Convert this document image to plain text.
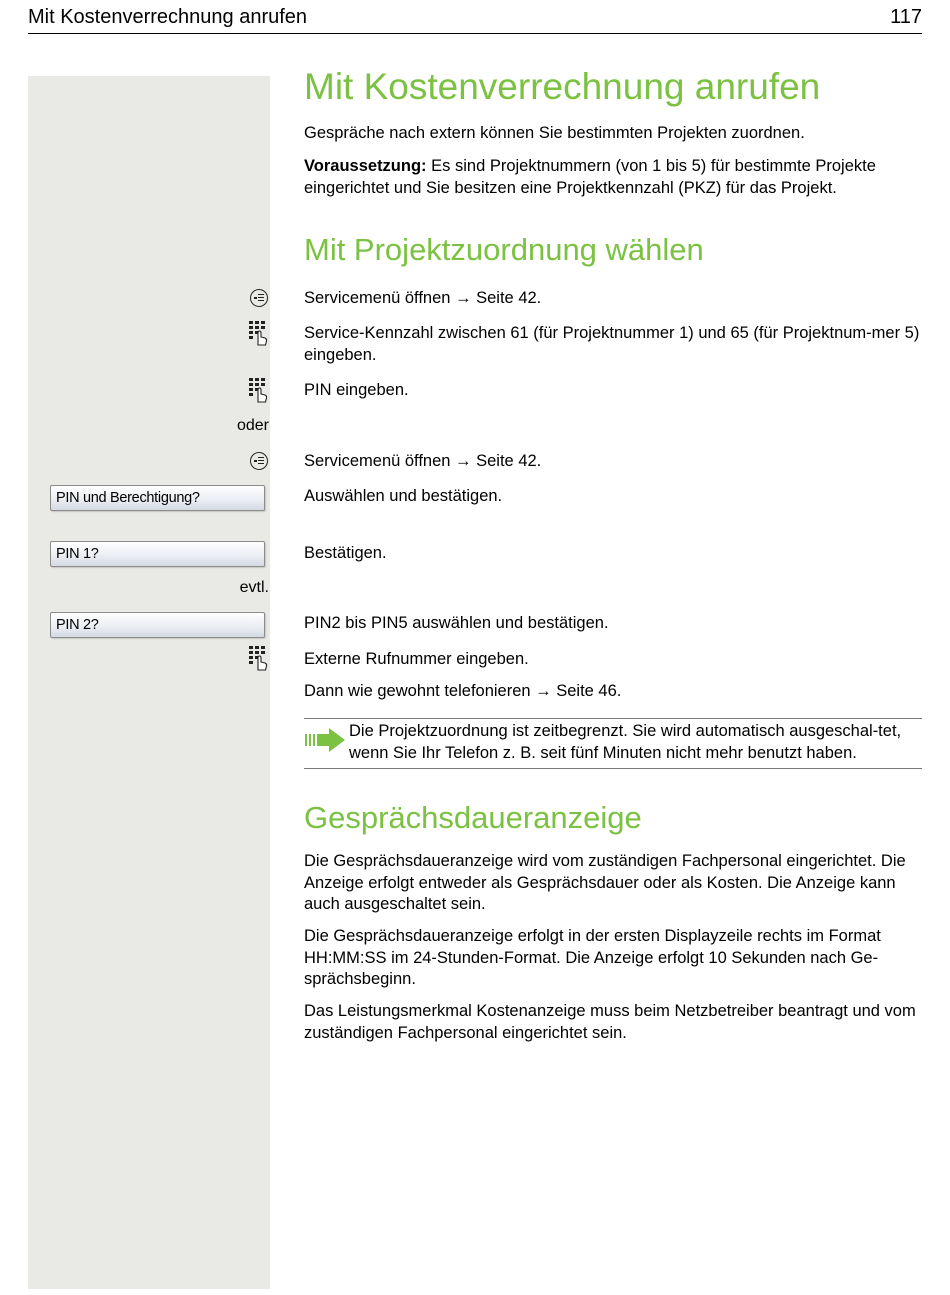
Mit Kostenverrechnung anrufen	117
Mit Kostenverrechnung anrufen
Gespräche nach extern können Sie bestimmten Projekten zuordnen.
Voraussetzung: Es sind Projektnummern (von 1 bis 5) für bestimmte Projekte eingerichtet und Sie besitzen eine Projektkennzahl (PKZ) für das Projekt.
Mit Projektzuordnung wählen
Servicemenü öffnen → Seite 42.
Service-Kennzahl zwischen 61 (für Projektnummer 1) und 65 (für Projektnum-mer 5) eingeben.
PIN eingeben.
oder
Servicemenü öffnen → Seite 42.
PIN und Berechtigung?	Auswählen und bestätigen.
PIN 1?	Bestätigen.
evtl.
PIN 2?	PIN2 bis PIN5 auswählen und bestätigen.
Externe Rufnummer eingeben.
Dann wie gewohnt telefonieren → Seite 46.
Die Projektzuordnung ist zeitbegrenzt. Sie wird automatisch ausgeschal-tet, wenn Sie Ihr Telefon z. B. seit fünf Minuten nicht mehr benutzt haben.
Gesprächsdaueranzeige
Die Gesprächsdaueranzeige wird vom zuständigen Fachpersonal eingerichtet. Die Anzeige erfolgt entweder als Gesprächsdauer oder als Kosten. Die Anzeige kann auch ausgeschaltet sein.
Die Gesprächsdaueranzeige erfolgt in der ersten Displayzeile rechts im Format HH:MM:SS im 24-Stunden-Format. Die Anzeige erfolgt 10 Sekunden nach Ge-sprächsbeginn.
Das Leistungsmerkmal Kostenanzeige muss beim Netzbetreiber beantragt und vom zuständigen Fachpersonal eingerichtet sein.
